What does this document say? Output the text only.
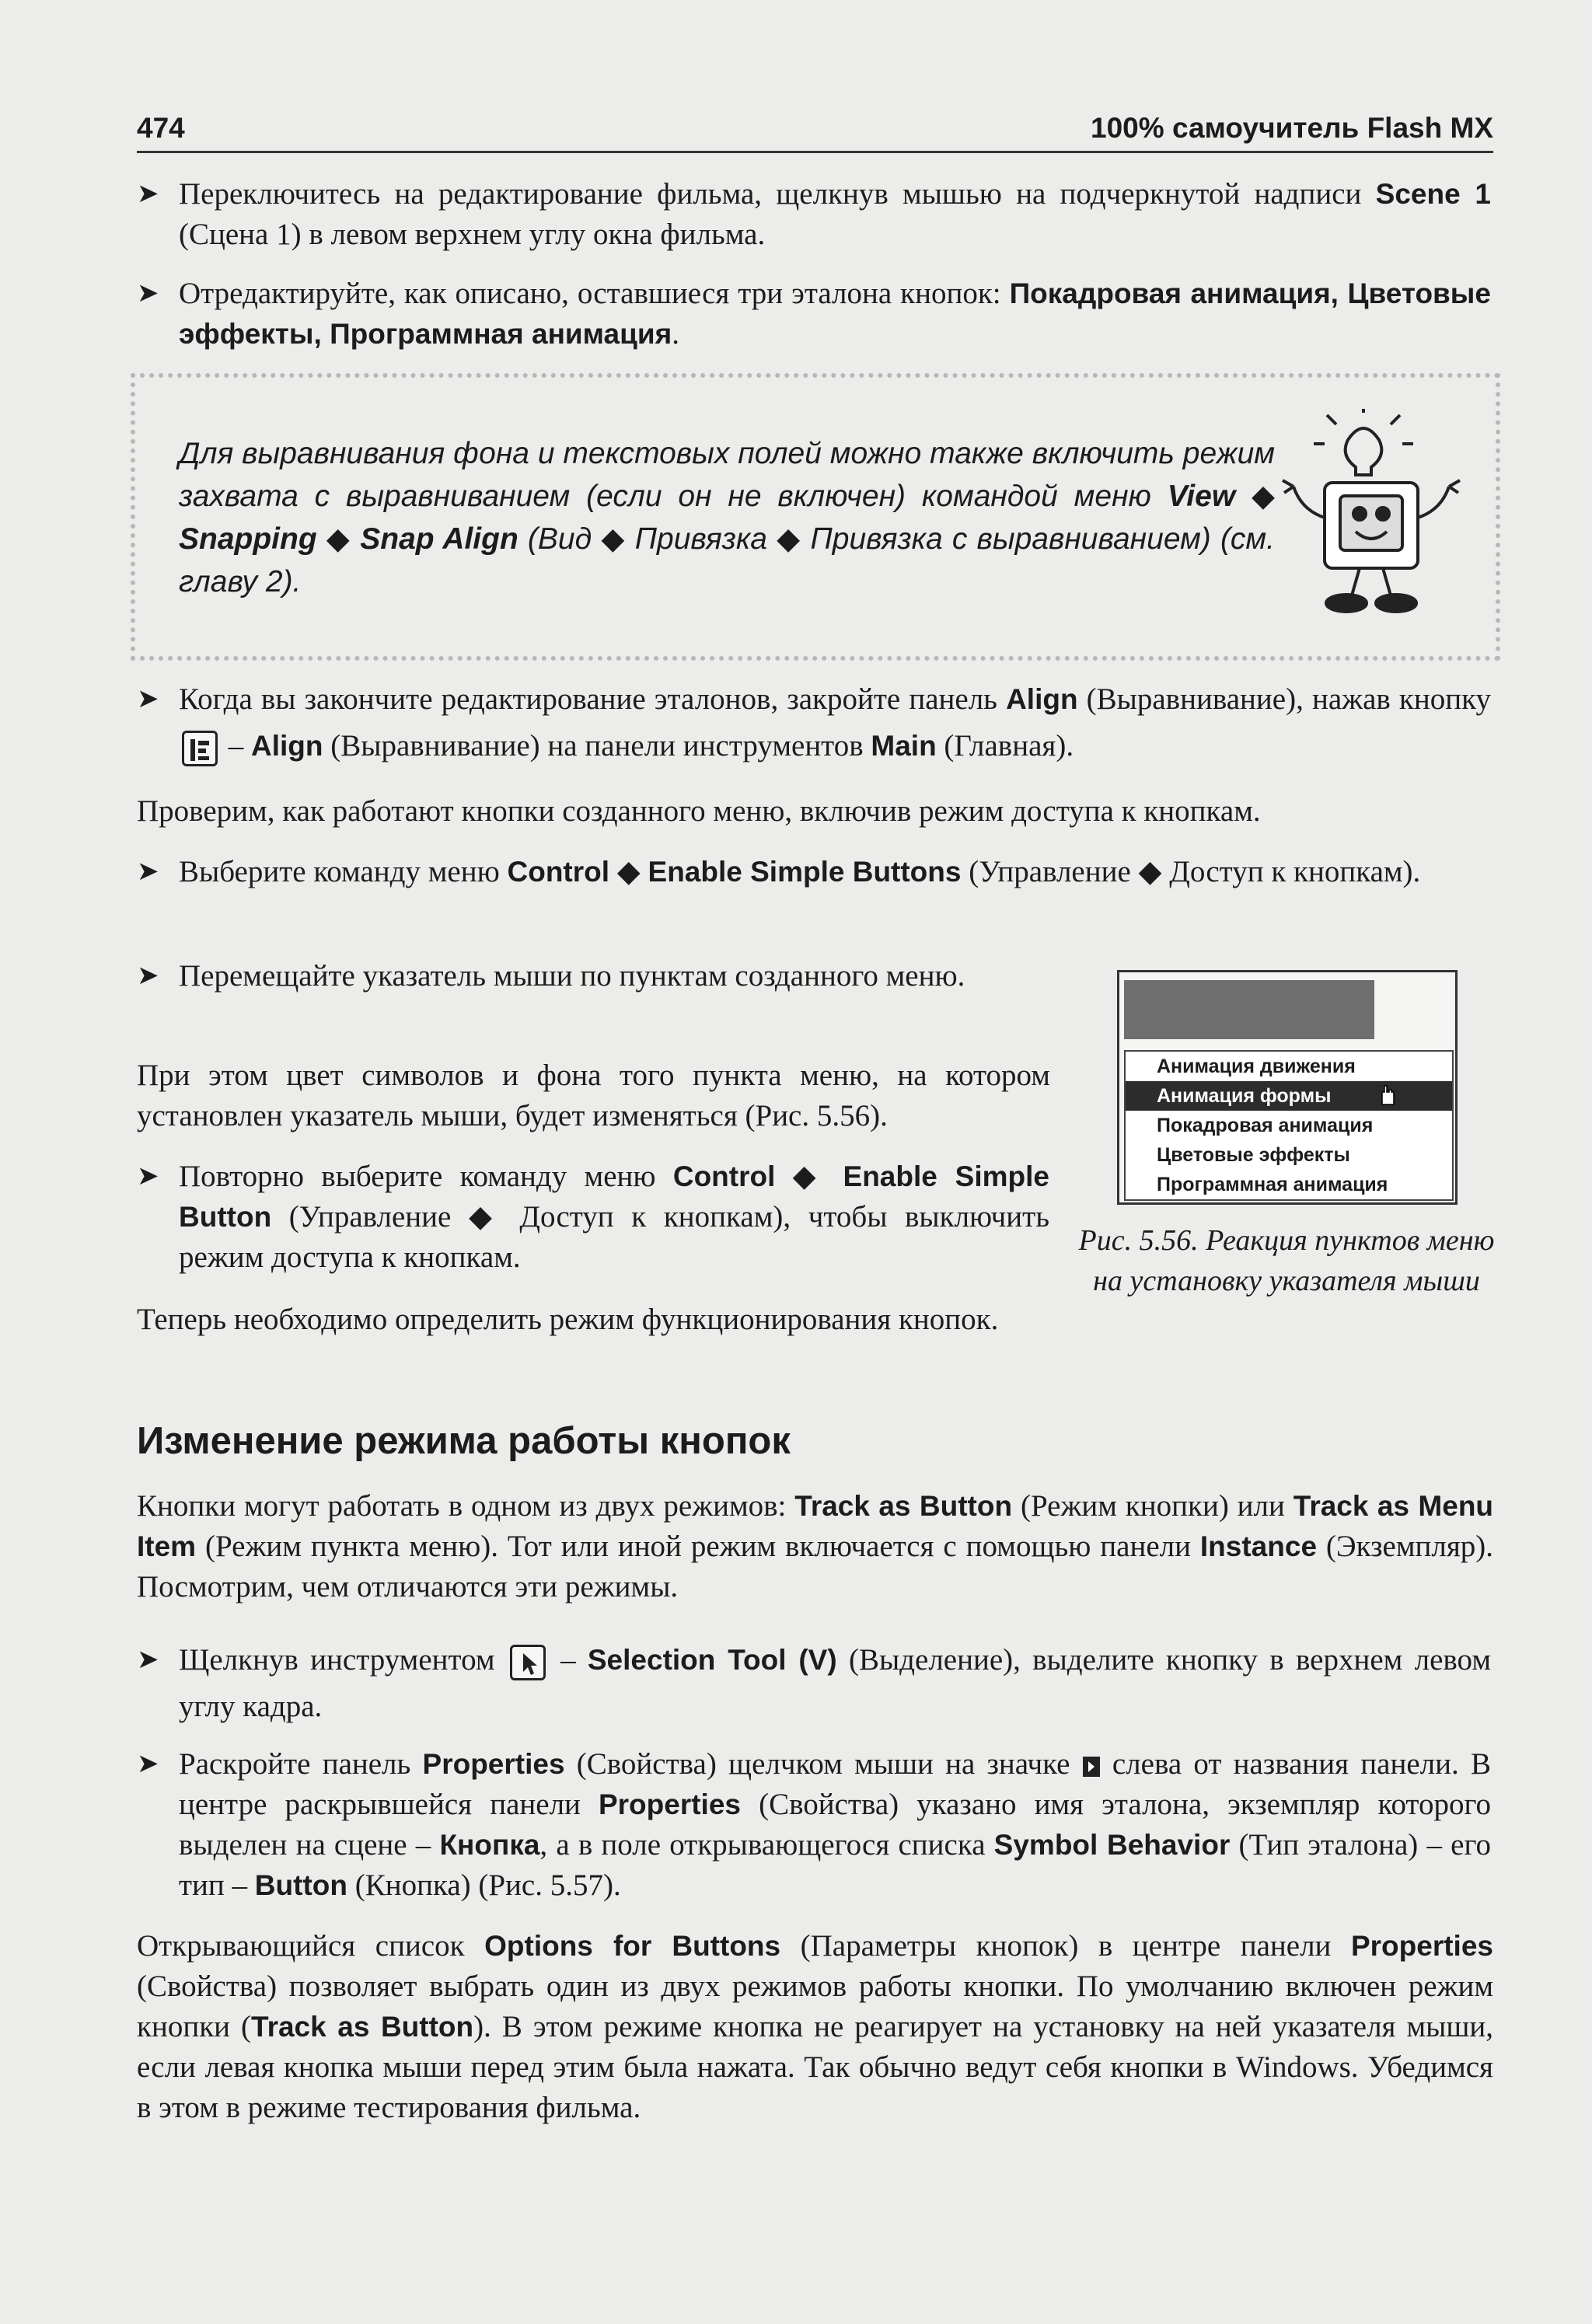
474	100% самоучитель Flash MX

➤ Переключитесь на редактирование фильма, щелкнув мышью на подчеркнутой надписи Scene 1 (Сцена 1) в левом верхнем углу окна фильма.

➤ Отредактируйте, как описано, оставшиеся три эталона кнопок: Покадровая анимация, Цветовые эффекты, Программная анимация.

Для выравнивания фона и текстовых полей можно также включить режим захвата с выравниванием (если он не включен) командой меню View ◆ Snapping ◆ Snap Align (Вид ◆ Привязка ◆ Привязка с выравниванием) (см. главу 2).

➤ Когда вы закончите редактирование эталонов, закройте панель Align (Выравнивание), нажав кнопку  – Align (Выравнивание) на панели инструментов Main (Главная).

Проверим, как работают кнопки созданного меню, включив режим доступа к кнопкам.

➤ Выберите команду меню Control ◆ Enable Simple Buttons (Управление ◆ Доступ к кнопкам).

➤ Перемещайте указатель мыши по пунктам созданного меню.

При этом цвет символов и фона того пункта меню, на котором установлен указатель мыши, будет изменяться (Рис. 5.56).

➤ Повторно выберите команду меню Control ◆ Enable Simple Button (Управление ◆ Доступ к кнопкам), чтобы выключить режим доступа к кнопкам.

Теперь необходимо определить режим функционирования кнопок.

Анимация движения
Анимация формы
Покадровая анимация
Цветовые эффекты
Программная анимация

Рис. 5.56. Реакция пунктов меню на установку указателя мыши

Изменение режима работы кнопок

Кнопки могут работать в одном из двух режимов: Track as Button (Режим кнопки) или Track as Menu Item (Режим пункта меню). Тот или иной режим включается с помощью панели Instance (Экземпляр). Посмотрим, чем отличаются эти режимы.

➤ Щелкнув инструментом  – Selection Tool (V) (Выделение), выделите кнопку в верхнем левом углу кадра.

➤ Раскройте панель Properties (Свойства) щелчком мыши на значке  слева от названия панели. В центре раскрывшейся панели Properties (Свойства) указано имя эталона, экземпляр которого выделен на сцене – Кнопка, а в поле открывающегося списка Symbol Behavior (Тип эталона) – его тип – Button (Кнопка) (Рис. 5.57).

Открывающийся список Options for Buttons (Параметры кнопок) в центре панели Properties (Свойства) позволяет выбрать один из двух режимов работы кнопки. По умолчанию включен режим кнопки (Track as Button). В этом режиме кнопка не реагирует на установку на ней указателя мыши, если левая кнопка мыши перед этим была нажата. Так обычно ведут себя кнопки в Windows. Убедимся в этом в режиме тестирования фильма.
